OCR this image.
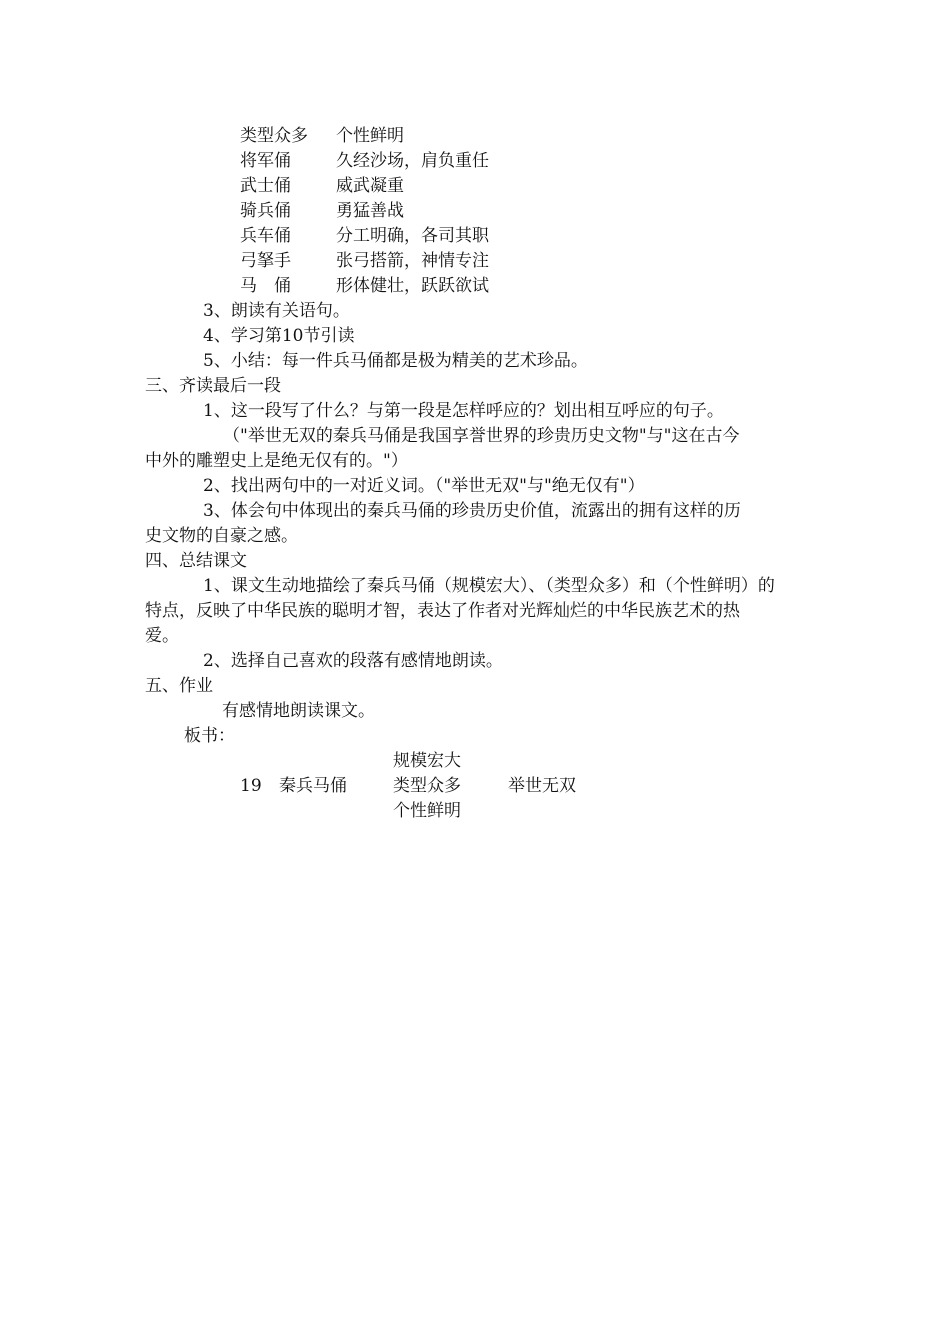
类型众多 个性鲜明
将军俑	久经沙场，肩负重任
武士俑	威武凝重
骑兵俑	勇猛善战
兵车俑	分工明确，各司其职
弓拏手	张弓搭箭，神情专注
马　俑	形体健壮，跃跃欲试
3、朗读有关语句。
4、学习第10节引读
5、小结：每一件兵马俑都是极为精美的艺术珍品。
三、齐读最后一段
1、这一段写了什么？与第一段是怎样呼应的？划出相互呼应的句子。
（"举世无双的秦兵马俑是我国享誉世界的珍贵历史文物"与"这在古今
中外的雕塑史上是绝无仅有的。"）
2、找出两句中的一对近义词。（"举世无双"与"绝无仅有"）
3、体会句中体现出的秦兵马俑的珍贵历史价值，流露出的拥有这样的历
史文物的自豪之感。
四、总结课文
1、课文生动地描绘了秦兵马俑（规模宏大）、（类型众多）和（个性鲜明）的
特点，反映了中华民族的聪明才智，表达了作者对光辉灿烂的中华民族艺术的热
爱。
2、选择自己喜欢的段落有感情地朗读。
五、作业
有感情地朗读课文。
板书：
规模宏大
19 秦兵马俑	类型众多	举世无双
个性鲜明
